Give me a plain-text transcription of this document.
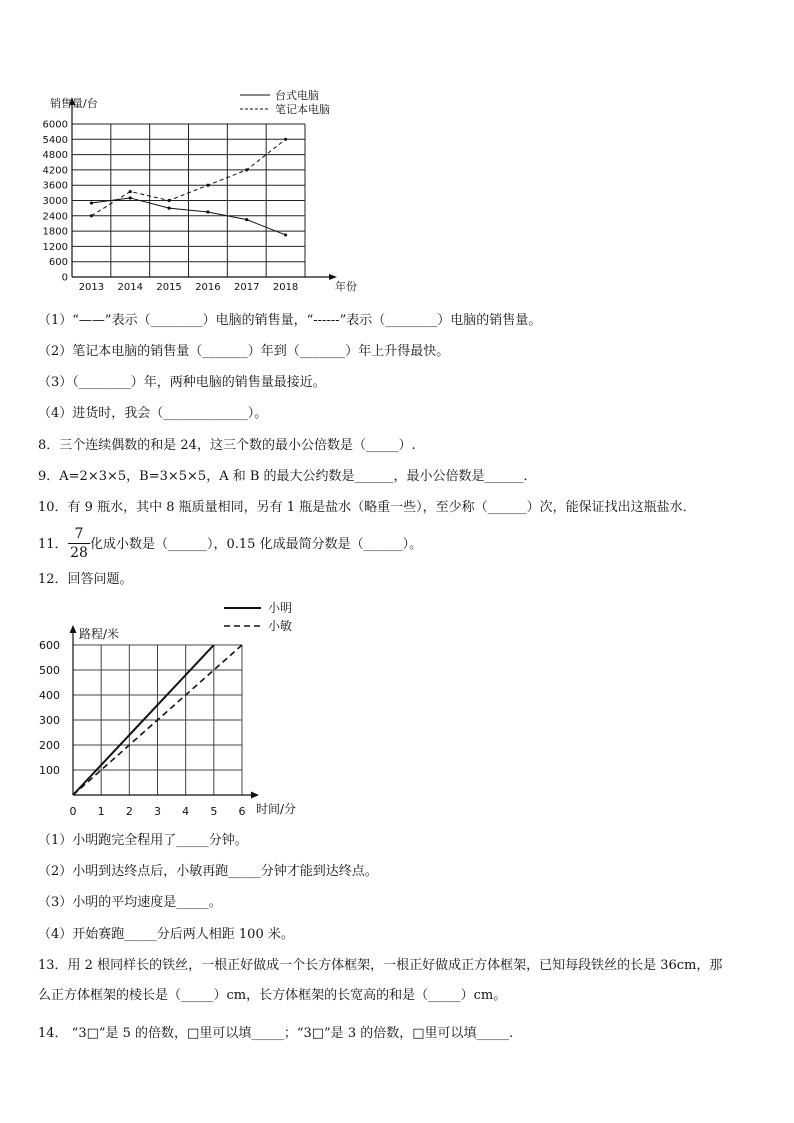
0
600
1200
1800
2400
3000
3600
4200
4800
5400
6000
2013 2014 2015 2016 2017 2018
销售量/台
年份
台式电脑
笔记本电脑
（1）“——”表示（________）电脑的销售量，“------”表示（________）电脑的销售量。
（2）笔记本电脑的销售量（_______）年到（_______）年上升得最快。
（3）（________）年，两种电脑的销售量最接近。
（4）进货时，我会（_____________）。
8．三个连续偶数的和是 24，这三个数的最小公倍数是（_____）.
9．A=2×3×5，B=3×5×5，A 和 B 的最大公约数是______，最小公倍数是______．
10．有 9 瓶水，其中 8 瓶质量相同，另有 1 瓶是盐水（略重一些），至少称（______）次，能保证找出这瓶盐水．
11． $\frac{7}{28}$ 化成小数是（______），0.15 化成最简分数是（______）。
12．回答问题。
100
200
300
400
500
600
0 1 2 3 4 5 6
路程/米
时间/分
小明
小敏
（1）小明跑完全程用了_____分钟。
（2）小明到达终点后，小敏再跑_____分钟才能到达终点。
（3）小明的平均速度是_____。
（4）开始赛跑_____分后两人相距 100 米。
13．用 2 根同样长的铁丝，一根正好做成一个长方体框架，一根正好做成正方体框架，已知每段铁丝的长是 36cm，那
么正方体框架的棱长是（_____）cm，长方体框架的长宽高的和是（_____）cm。
14． “3□”是 5 的倍数，□里可以填_____；“3□”是 3 的倍数，□里可以填_____.
